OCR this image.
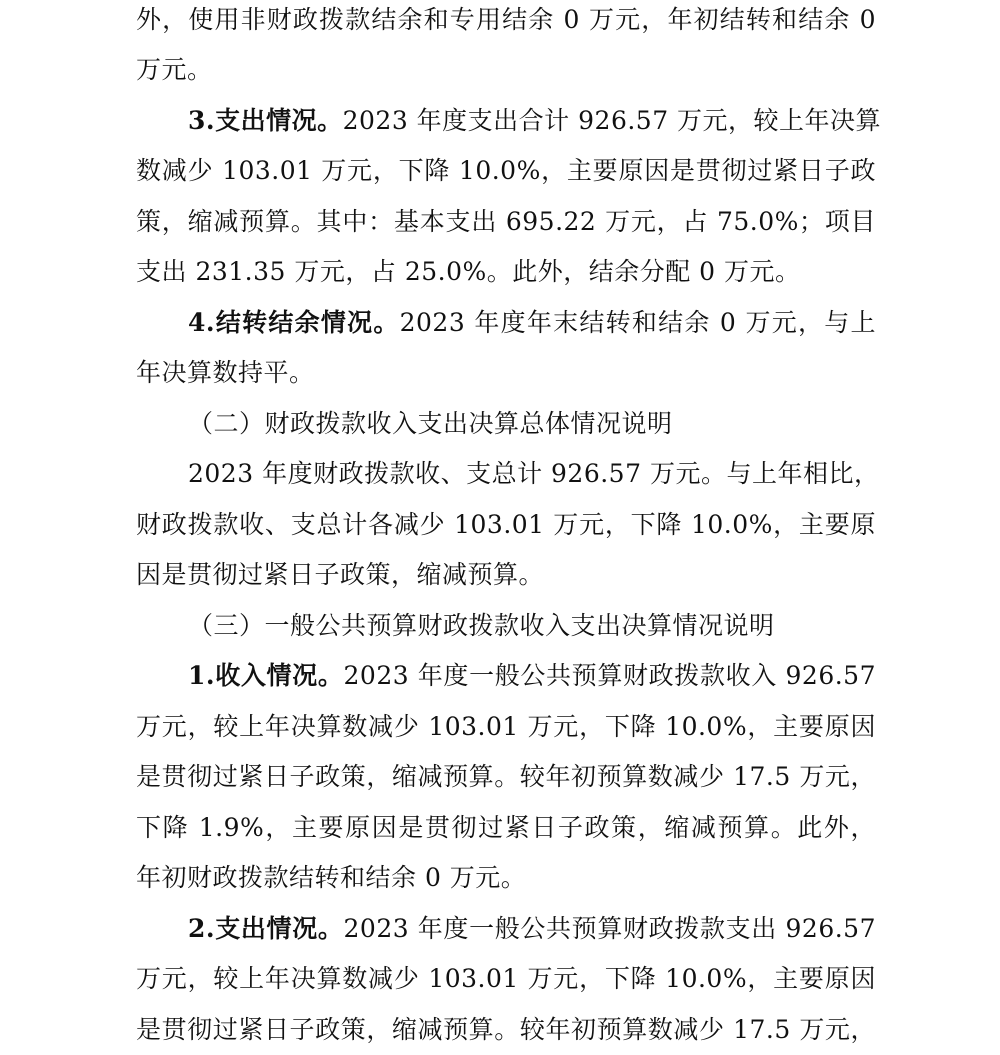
外，使用非财政拨款结余和专用结余 0 万元，年初结转和结余 0
万元。
3.支出情况。2023 年度支出合计 926.57 万元，较上年决算
数减少 103.01 万元，下降 10.0%，主要原因是贯彻过紧日子政
策，缩减预算。其中：基本支出 695.22 万元，占 75.0%；项目
支出 231.35 万元，占 25.0%。此外，结余分配 0 万元。
4.结转结余情况。2023 年度年末结转和结余 0 万元，与上
年决算数持平。
（二）财政拨款收入支出决算总体情况说明
2023 年度财政拨款收、支总计 926.57 万元。与上年相比，
财政拨款收、支总计各减少 103.01 万元，下降 10.0%，主要原
因是贯彻过紧日子政策，缩减预算。
（三）一般公共预算财政拨款收入支出决算情况说明
1.收入情况。2023 年度一般公共预算财政拨款收入 926.57
万元，较上年决算数减少 103.01 万元，下降 10.0%，主要原因
是贯彻过紧日子政策，缩减预算。较年初预算数减少 17.5 万元，
下降 1.9%，主要原因是贯彻过紧日子政策，缩减预算。此外，
年初财政拨款结转和结余 0 万元。
2.支出情况。2023 年度一般公共预算财政拨款支出 926.57
万元，较上年决算数减少 103.01 万元，下降 10.0%，主要原因
是贯彻过紧日子政策，缩减预算。较年初预算数减少 17.5 万元，
